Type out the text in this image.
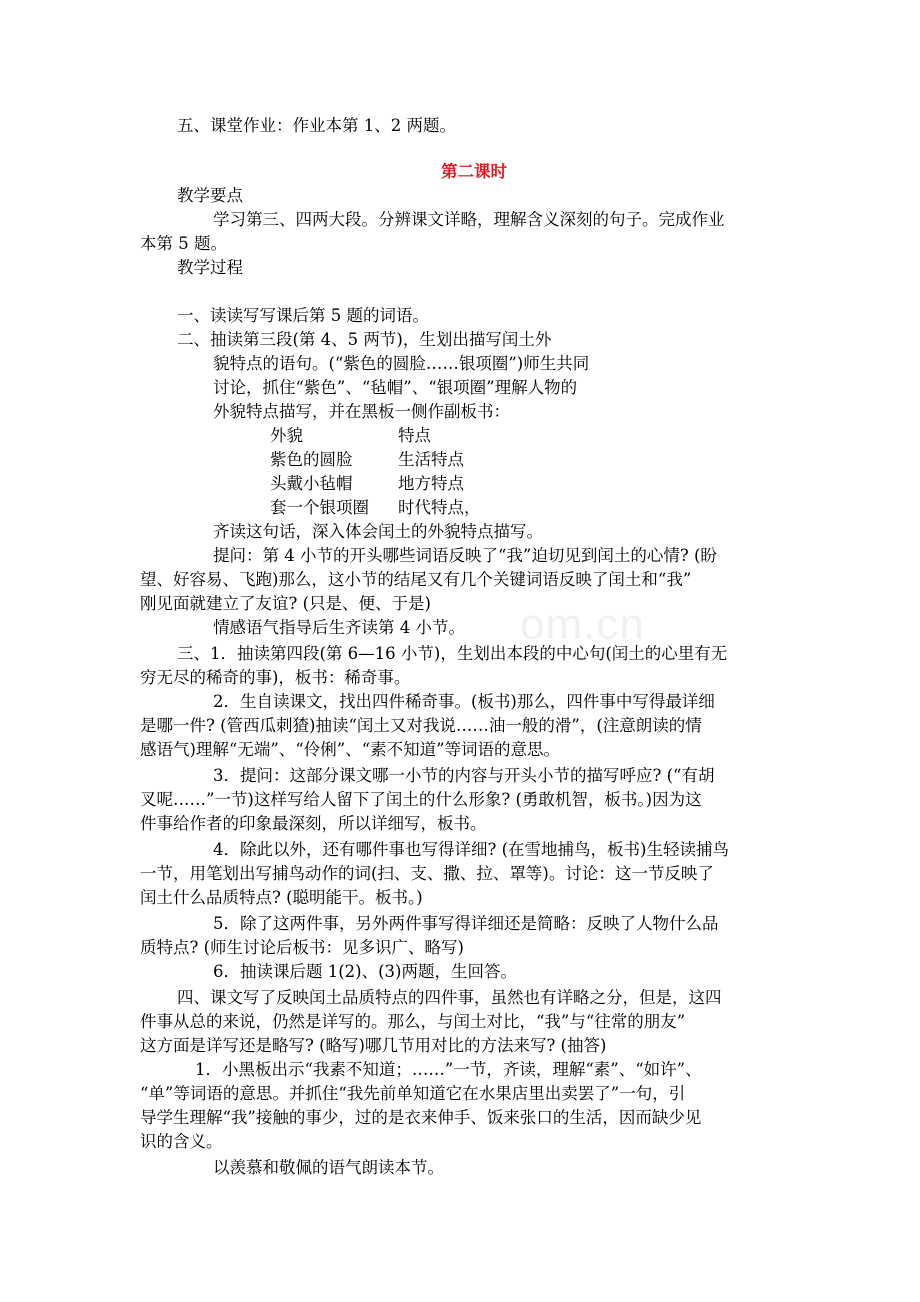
om.cn
五、课堂作业：作业本第 1、2 两题。
第二课时
教学要点
学习第三、四两大段。分辨课文详略，理解含义深刻的句子。完成作业
本第 5 题。
教学过程
一、读读写写课后第 5 题的词语。
二、抽读第三段(第 4、5 两节)，生划出描写闰土外
貌特点的语句。(“紫色的圆脸……银项圈”)师生共同
讨论，抓住“紫色”、“毡帽”、“银项圈”理解人物的
外貌特点描写，并在黑板一侧作副板书：
外貌	特点
紫色的圆脸	生活特点
头戴小毡帽	地方特点
套一个银项圈 时代特点，
齐读这句话，深入体会闰土的外貌特点描写。
提问：第 4 小节的开头哪些词语反映了“我”迫切见到闰土的心情? (盼
望、好容易、飞跑)那么，这小节的结尾又有几个关键词语反映了闰土和“我”
刚见面就建立了友谊? (只是、便、于是)
情感语气指导后生齐读第 4 小节。
三、1．抽读第四段(第 6—16 小节)，生划出本段的中心句(闰土的心里有无
穷无尽的稀奇的事)，板书：稀奇事。
2．生自读课文，找出四件稀奇事。(板书)那么，四件事中写得最详细
是哪一件? (管西瓜刺猹)抽读“闰土又对我说……油一般的滑”，(注意朗读的情
感语气)理解“无端”、“伶俐”、“素不知道”等词语的意思。
3．提问：这部分课文哪一小节的内容与开头小节的描写呼应? (“有胡
叉呢……”一节)这样写给人留下了闰土的什么形象? (勇敢机智，板书。)因为这
件事给作者的印象最深刻，所以详细写，板书。
4．除此以外，还有哪件事也写得详细? (在雪地捕鸟，板书)生轻读捕鸟
一节，用笔划出写捕鸟动作的词(扫、支、撒、拉、罩等)。讨论：这一节反映了
闰土什么品质特点? (聪明能干。板书。)
5．除了这两件事，另外两件事写得详细还是简略：反映了人物什么品
质特点? (师生讨论后板书：见多识广、略写)
6．抽读课后题 1(2)、(3)两题，生回答。
四、课文写了反映闰土品质特点的四件事，虽然也有详略之分，但是，这四
件事从总的来说，仍然是详写的。那么，与闰土对比，“我”与“往常的朋友”
这方面是详写还是略写? (略写)哪几节用对比的方法来写? (抽答)
1．小黑板出示“我素不知道；……”一节，齐读，理解“素”、“如许”、
“单”等词语的意思。并抓住“我先前单知道它在水果店里出卖罢了”一句，引
导学生理解“我”接触的事少，过的是衣来伸手、饭来张口的生活，因而缺少见
识的含义。
以羡慕和敬佩的语气朗读本节。
